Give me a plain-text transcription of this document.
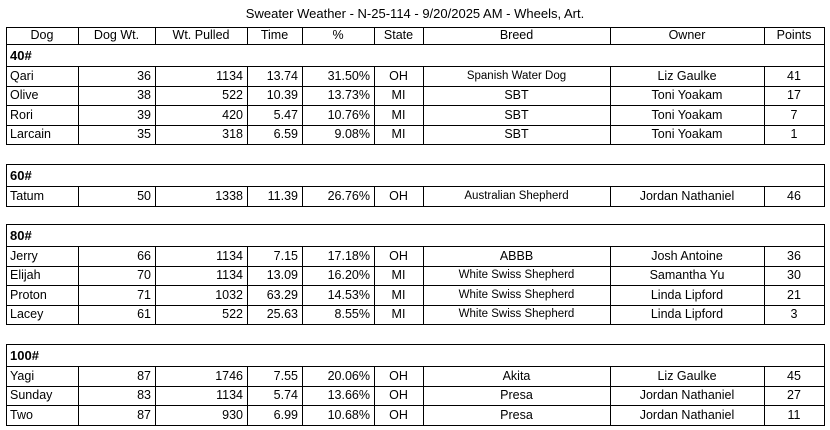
Sweater Weather - N-25-114 - 9/20/2025 AM - Wheels, Art.
Dog	Dog Wt.	Wt. Pulled	Time	%	State	Breed	Owner	Points
40#
Qari	36	1134	13.74	31.50%	OH	Spanish Water Dog	Liz Gaulke	41
Olive	38	522	10.39	13.73%	MI	SBT	Toni Yoakam	17
Rori	39	420	5.47	10.76%	MI	SBT	Toni Yoakam	7
Larcain	35	318	6.59	9.08%	MI	SBT	Toni Yoakam	1
60#
Tatum	50	1338	11.39	26.76%	OH	Australian Shepherd	Jordan Nathaniel	46
80#
Jerry	66	1134	7.15	17.18%	OH	ABBB	Josh Antoine	36
Elijah	70	1134	13.09	16.20%	MI	White Swiss Shepherd	Samantha Yu	30
Proton	71	1032	63.29	14.53%	MI	White Swiss Shepherd	Linda Lipford	21
Lacey	61	522	25.63	8.55%	MI	White Swiss Shepherd	Linda Lipford	3
100#
Yagi	87	1746	7.55	20.06%	OH	Akita	Liz Gaulke	45
Sunday	83	1134	5.74	13.66%	OH	Presa	Jordan Nathaniel	27
Two	87	930	6.99	10.68%	OH	Presa	Jordan Nathaniel	11
